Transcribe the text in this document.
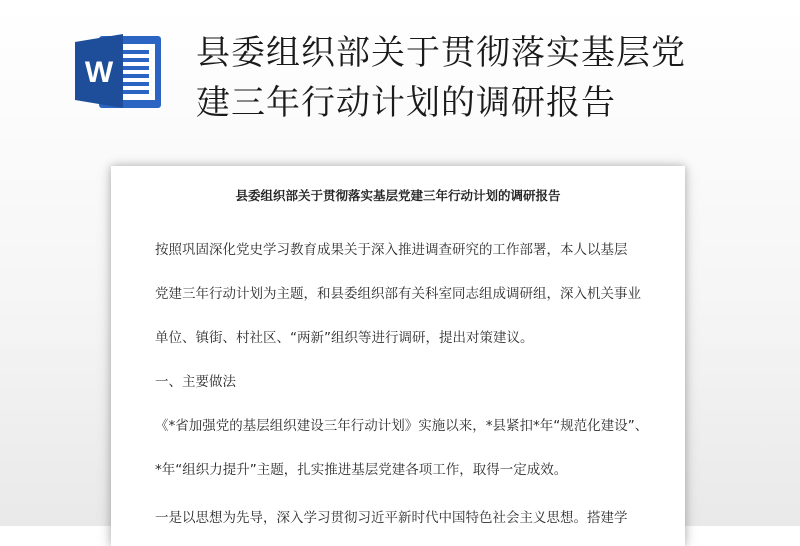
W 县委组织部关于贯彻落实基层党
建三年行动计划的调研报告
县委组织部关于贯彻落实基层党建三年行动计划的调研报告
按照巩固深化党史学习教育成果关于深入推进调查研究的工作部署，本人以基层
党建三年行动计划为主题，和县委组织部有关科室同志组成调研组，深入机关事业
单位、镇街、村社区、“两新”组织等进行调研，提出对策建议。
一、主要做法
《*省加强党的基层组织建设三年行动计划》实施以来，*县紧扣*年“规范化建设”、
*年“组织力提升”主题，扎实推进基层党建各项工作，取得一定成效。
一是以思想为先导，深入学习贯彻习近平新时代中国特色社会主义思想。搭建学
